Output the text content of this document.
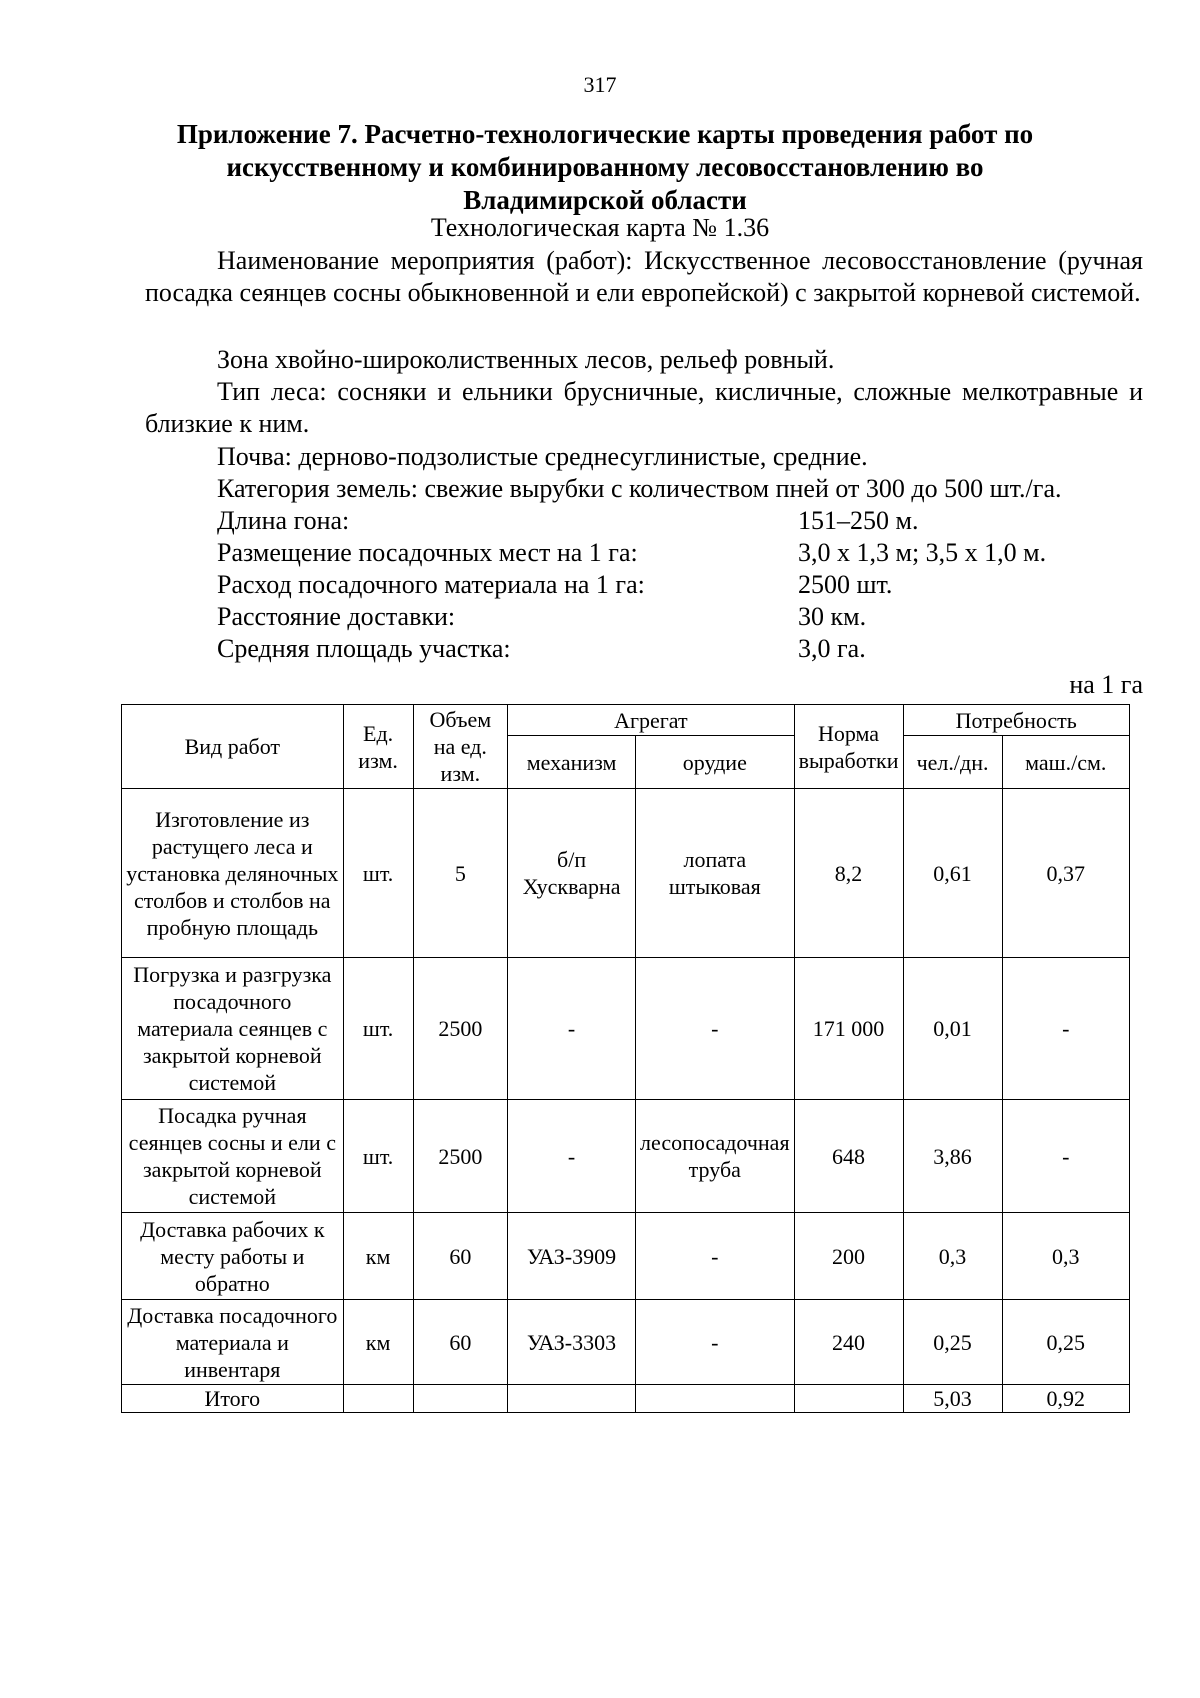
317
Приложение 7. Расчетно-технологические карты проведения работ по искусственному и комбинированному лесовосстановлению во Владимирской области
Технологическая карта № 1.36

Наименование мероприятия (работ): Искусственное лесовосстановление (ручная посадка сеянцев сосны обыкновенной и ели европейской) с закрытой корневой системой.

Зона хвойно-широколиственных лесов, рельеф ровный.

Тип леса: сосняки и ельники брусничные, кисличные, сложные мелкотравные и близкие к ним.

Почва: дерново-подзолистые среднесуглинистые, средние.

Категория земель: свежие вырубки с количеством пней от 300 до 500 шт./га.

Длина гона:	151–250 м.
Размещение посадочных мест на 1 га:	3,0 х 1,3 м; 3,5 х 1,0 м.
Расход посадочного материала на 1 га:	2500 шт.
Расстояние доставки:	30 км.
Средняя площадь участка:	3,0 га.
на 1 га
Вид работ	Ед. изм.	Объем на ед. изм.	Агрегат		Норма выработки	Потребность	
			механизм	орудие		чел./дн.	маш./см.
Изготовление из растущего леса и установка деляночных столбов и столбов на пробную площадь	шт.	5	б/п Хускварна	лопата штыковая	8,2	0,61	0,37
Погрузка и разгрузка посадочного материала сеянцев с закрытой корневой системой	шт.	2500	-	-	171 000	0,01	-
Посадка ручная сеянцев сосны и ели с закрытой корневой системой	шт.	2500	-	лесопосадочная труба	648	3,86	-
Доставка рабочих к месту работы и обратно	км	60	УАЗ-3909	-	200	0,3	0,3
Доставка посадочного материала и инвентаря	км	60	УАЗ-3303	-	240	0,25	0,25
Итого						5,03	0,92
